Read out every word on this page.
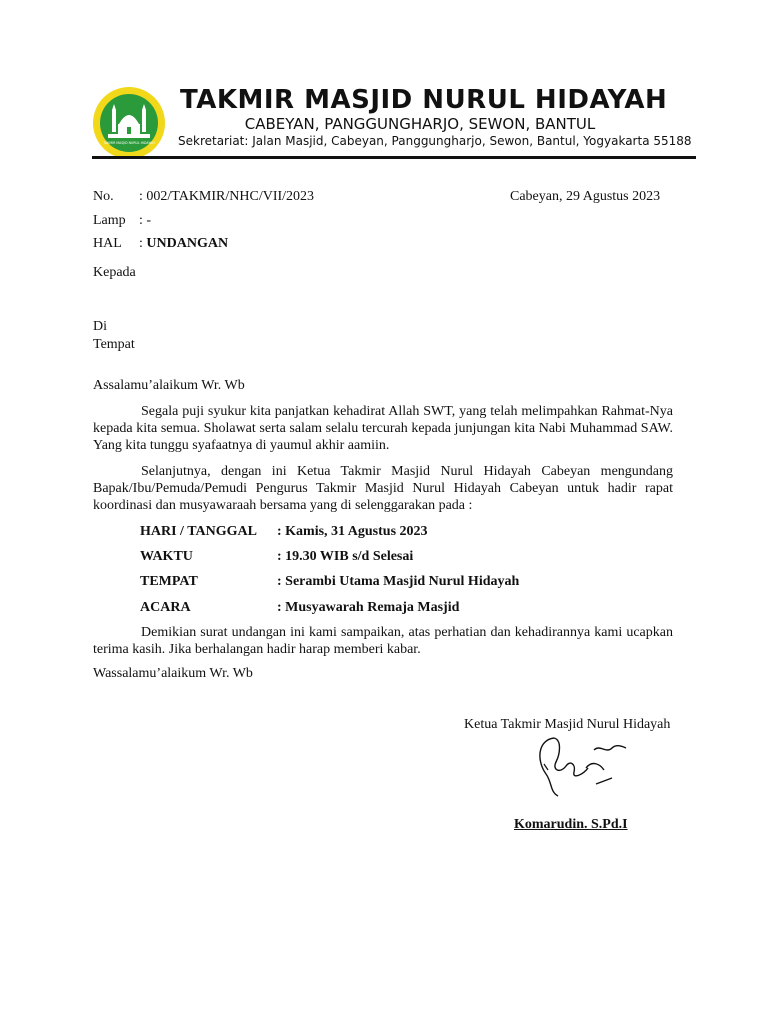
TAKMIR MASJID NURUL HIDAYAH
TAKMIR MASJID NURUL HIDAYAH
CABEYAN, PANGGUNGHARJO, SEWON, BANTUL
Sekretariat: Jalan Masjid, Cabeyan, Panggungharjo, Sewon, Bantul, Yogyakarta 55188
No. : 002/TAKMIR/NHC/VII/2023	Cabeyan, 29 Agustus 2023
Lamp : -
HAL : UNDANGAN
Kepada
Di
Tempat
Assalamu’alaikum Wr. Wb
Segala puji syukur kita panjatkan kehadirat Allah SWT, yang telah melimpahkan Rahmat-Nya kepada kita semua. Sholawat serta salam selalu tercurah kepada junjungan kita Nabi Muhammad SAW. Yang kita tunggu syafaatnya di yaumul akhir aamiin.
Selanjutnya, dengan ini Ketua Takmir Masjid Nurul Hidayah Cabeyan mengundang Bapak/Ibu/Pemuda/Pemudi Pengurus Takmir Masjid Nurul Hidayah Cabeyan untuk hadir rapat koordinasi dan musyawaraah bersama yang di selenggarakan pada :
HARI / TANGGAL : Kamis, 31 Agustus 2023
WAKTU	: 19.30 WIB s/d Selesai
TEMPAT	: Serambi Utama Masjid Nurul Hidayah
ACARA	: Musyawarah Remaja Masjid
Demikian surat undangan ini kami sampaikan, atas perhatian dan kehadirannya kami ucapkan terima kasih. Jika berhalangan hadir harap memberi kabar.
Wassalamu’alaikum Wr. Wb
Ketua Takmir Masjid Nurul Hidayah
Komarudin. S.Pd.I
